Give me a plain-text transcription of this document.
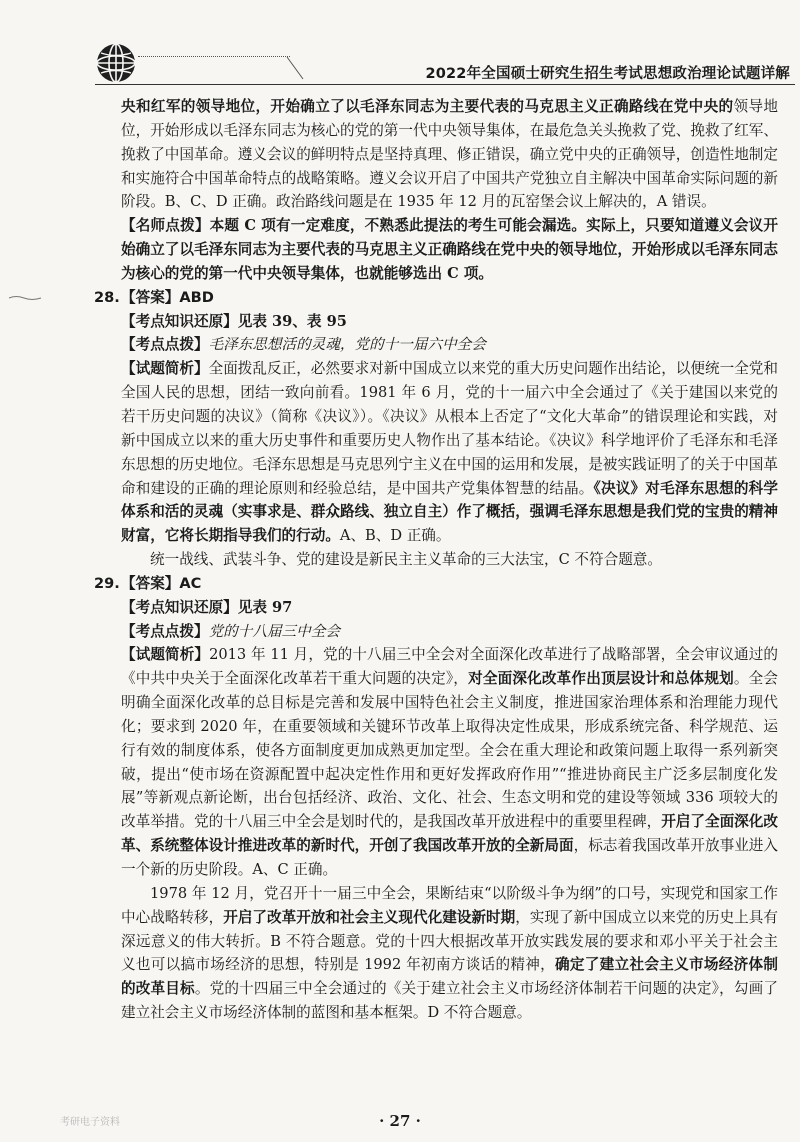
2022年全国硕士研究生招生考试思想政治理论试题详解
央和红军的领导地位，开始确立了以毛泽东同志为主要代表的马克思主义正确路线在党中央的领导地位，开始形成以毛泽东同志为核心的党的第一代中央领导集体，在最危急关头挽救了党、挽救了红军、挽救了中国革命。遵义会议的鲜明特点是坚持真理、修正错误，确立党中央的正确领导，创造性地制定和实施符合中国革命特点的战略策略。遵义会议开启了中国共产党独立自主解决中国革命实际问题的新阶段。B、C、D 正确。政治路线问题是在 1935 年 12 月的瓦窑堡会议上解决的，A 错误。
【名师点拨】本题 C 项有一定难度，不熟悉此提法的考生可能会漏选。实际上，只要知道遵义会议开始确立了以毛泽东同志为主要代表的马克思主义正确路线在党中央的领导地位，开始形成以毛泽东同志为核心的党的第一代中央领导集体，也就能够选出 C 项。
28. 【答案】ABD
【考点知识还原】见表 39、表 95
【考点点拨】毛泽东思想活的灵魂，党的十一届六中全会
【试题简析】全面拨乱反正，必然要求对新中国成立以来党的重大历史问题作出结论，以便统一全党和全国人民的思想，团结一致向前看。1981 年 6 月，党的十一届六中全会通过了《关于建国以来党的若干历史问题的决议》（简称《决议》）。《决议》从根本上否定了“文化大革命”的错误理论和实践，对新中国成立以来的重大历史事件和重要历史人物作出了基本结论。《决议》科学地评价了毛泽东和毛泽东思想的历史地位。毛泽东思想是马克思列宁主义在中国的运用和发展，是被实践证明了的关于中国革命和建设的正确的理论原则和经验总结，是中国共产党集体智慧的结晶。《决议》对毛泽东思想的科学体系和活的灵魂（实事求是、群众路线、独立自主）作了概括，强调毛泽东思想是我们党的宝贵的精神财富，它将长期指导我们的行动。A、B、D 正确。
统一战线、武装斗争、党的建设是新民主主义革命的三大法宝，C 不符合题意。
29. 【答案】AC
【考点知识还原】见表 97
【考点点拨】党的十八届三中全会
【试题简析】2013 年 11 月，党的十八届三中全会对全面深化改革进行了战略部署，全会审议通过的《中共中央关于全面深化改革若干重大问题的决定》，对全面深化改革作出顶层设计和总体规划。全会明确全面深化改革的总目标是完善和发展中国特色社会主义制度，推进国家治理体系和治理能力现代化；要求到 2020 年，在重要领域和关键环节改革上取得决定性成果，形成系统完备、科学规范、运行有效的制度体系，使各方面制度更加成熟更加定型。全会在重大理论和政策问题上取得一系列新突破，提出“使市场在资源配置中起决定性作用和更好发挥政府作用”“推进协商民主广泛多层制度化发展”等新观点新论断，出台包括经济、政治、文化、社会、生态文明和党的建设等领域 336 项较大的改革举措。党的十八届三中全会是划时代的，是我国改革开放进程中的重要里程碑，开启了全面深化改革、系统整体设计推进改革的新时代，开创了我国改革开放的全新局面，标志着我国改革开放事业进入一个新的历史阶段。A、C 正确。
1978 年 12 月，党召开十一届三中全会，果断结束“以阶级斗争为纲”的口号，实现党和国家工作中心战略转移，开启了改革开放和社会主义现代化建设新时期，实现了新中国成立以来党的历史上具有深远意义的伟大转折。B 不符合题意。党的十四大根据改革开放实践发展的要求和邓小平关于社会主义也可以搞市场经济的思想，特别是 1992 年初南方谈话的精神，确定了建立社会主义市场经济体制的改革目标。党的十四届三中全会通过的《关于建立社会主义市场经济体制若干问题的决定》，勾画了建立社会主义市场经济体制的蓝图和基本框架。D 不符合题意。
考研电子资料	· 27 ·
